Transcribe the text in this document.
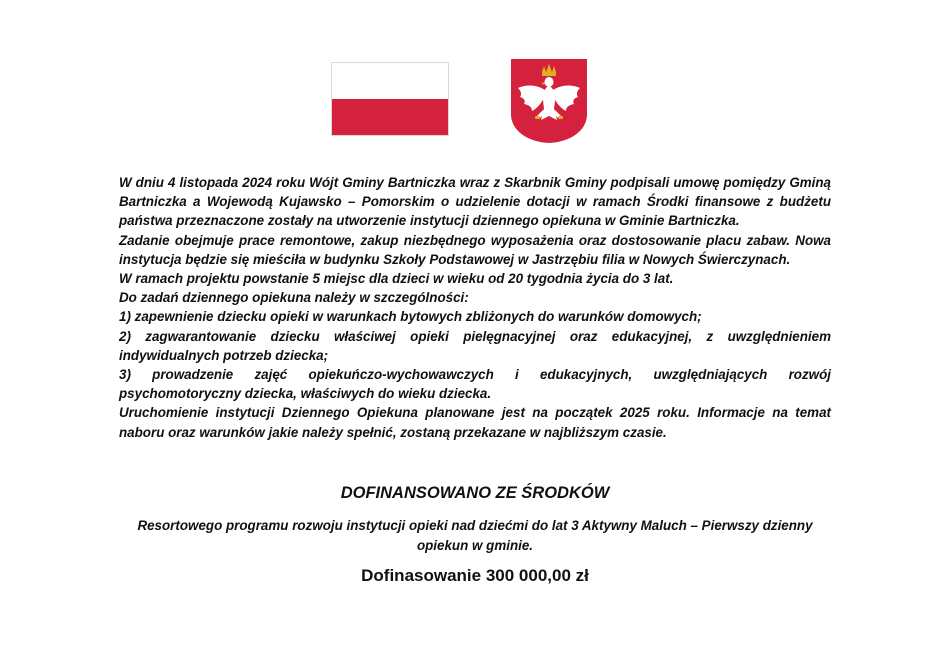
W dniu 4 listopada 2024 roku Wójt Gminy Bartniczka wraz z Skarbnik Gminy podpisali umowę pomiędzy Gminą Bartniczka a Wojewodą Kujawsko – Pomorskim o udzielenie dotacji w ramach Środki finansowe z budżetu państwa przeznaczone zostały na utworzenie instytucji dziennego opiekuna w Gminie Bartniczka.

Zadanie obejmuje prace remontowe, zakup niezbędnego wyposażenia oraz dostosowanie placu zabaw. Nowa instytucja będzie się mieściła w budynku Szkoły Podstawowej w Jastrzębiu filia w Nowych Świerczynach.

W ramach projektu powstanie 5 miejsc dla dzieci w wieku od 20 tygodnia życia do 3 lat.

Do zadań dziennego opiekuna należy w szczególności:

1) zapewnienie dziecku opieki w warunkach bytowych zbliżonych do warunków domowych;

2) zagwarantowanie dziecku właściwej opieki pielęgnacyjnej oraz edukacyjnej, z uwzględnieniem indywidualnych potrzeb dziecka;

3) prowadzenie zajęć opiekuńczo-wychowawczych i edukacyjnych, uwzględniających rozwój psychomotoryczny dziecka, właściwych do wieku dziecka.

Uruchomienie instytucji Dziennego Opiekuna planowane jest na początek 2025 roku. Informacje na temat naboru oraz warunków jakie należy spełnić, zostaną przekazane w najbliższym czasie.

DOFINANSOWANO ZE ŚRODKÓW
Resortowego programu rozwoju instytucji opieki nad dziećmi do lat 3 Aktywny Maluch – Pierwszy dzienny opiekun w gminie.
Dofinasowanie 300 000,00 zł
